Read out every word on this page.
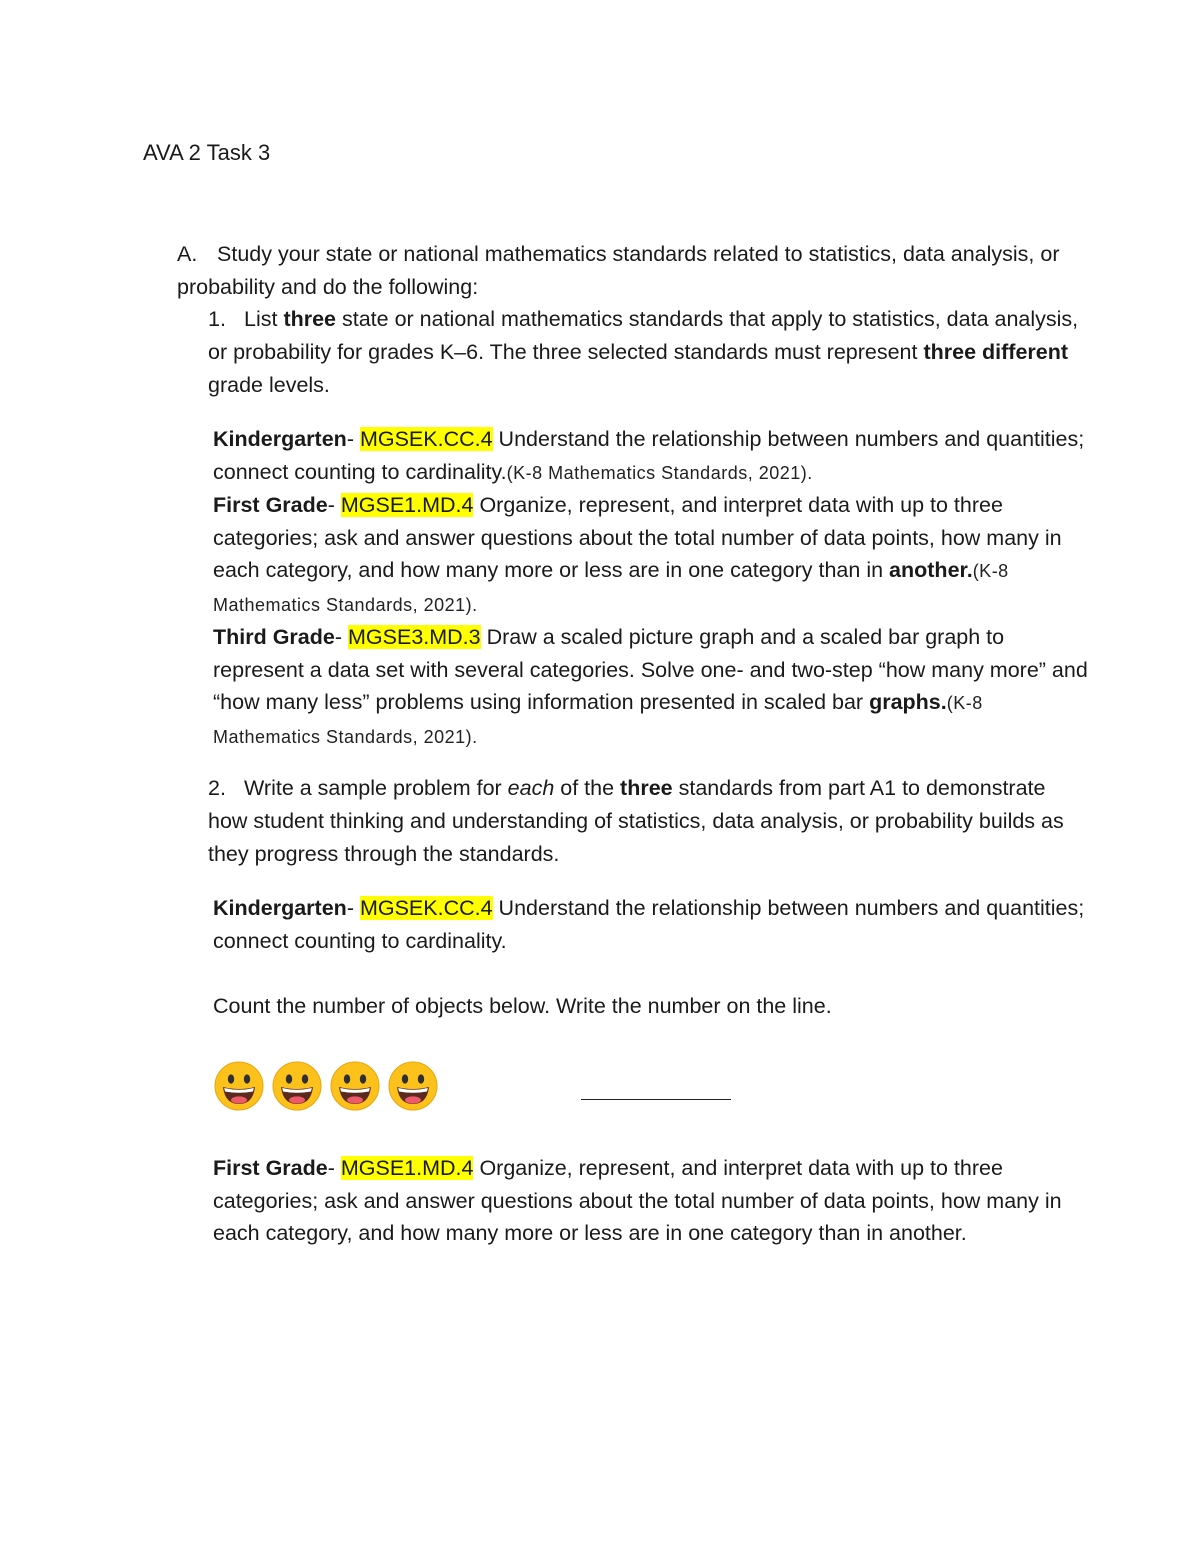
AVA 2 Task 3

A. Study your state or national mathematics standards related to statistics, data analysis, or probability and do the following:

1. List three state or national mathematics standards that apply to statistics, data analysis, or probability for grades K–6. The three selected standards must represent three different grade levels.

Kindergarten- MGSEK.CC.4 Understand the relationship between numbers and quantities; connect counting to cardinality.(K-8 Mathematics Standards, 2021).

First Grade- MGSE1.MD.4 Organize, represent, and interpret data with up to three categories; ask and answer questions about the total number of data points, how many in each category, and how many more or less are in one category than in another.(K-8 Mathematics Standards, 2021).

Third Grade- MGSE3.MD.3 Draw a scaled picture graph and a scaled bar graph to represent a data set with several categories. Solve one- and two-step “how many more” and “how many less” problems using information presented in scaled bar graphs.(K-8 Mathematics Standards, 2021).

2. Write a sample problem for each of the three standards from part A1 to demonstrate how student thinking and understanding of statistics, data analysis, or probability builds as they progress through the standards.

Kindergarten- MGSEK.CC.4 Understand the relationship between numbers and quantities; connect counting to cardinality.

Count the number of objects below. Write the number on the line.

First Grade- MGSE1.MD.4 Organize, represent, and interpret data with up to three categories; ask and answer questions about the total number of data points, how many in each category, and how many more or less are in one category than in another.
